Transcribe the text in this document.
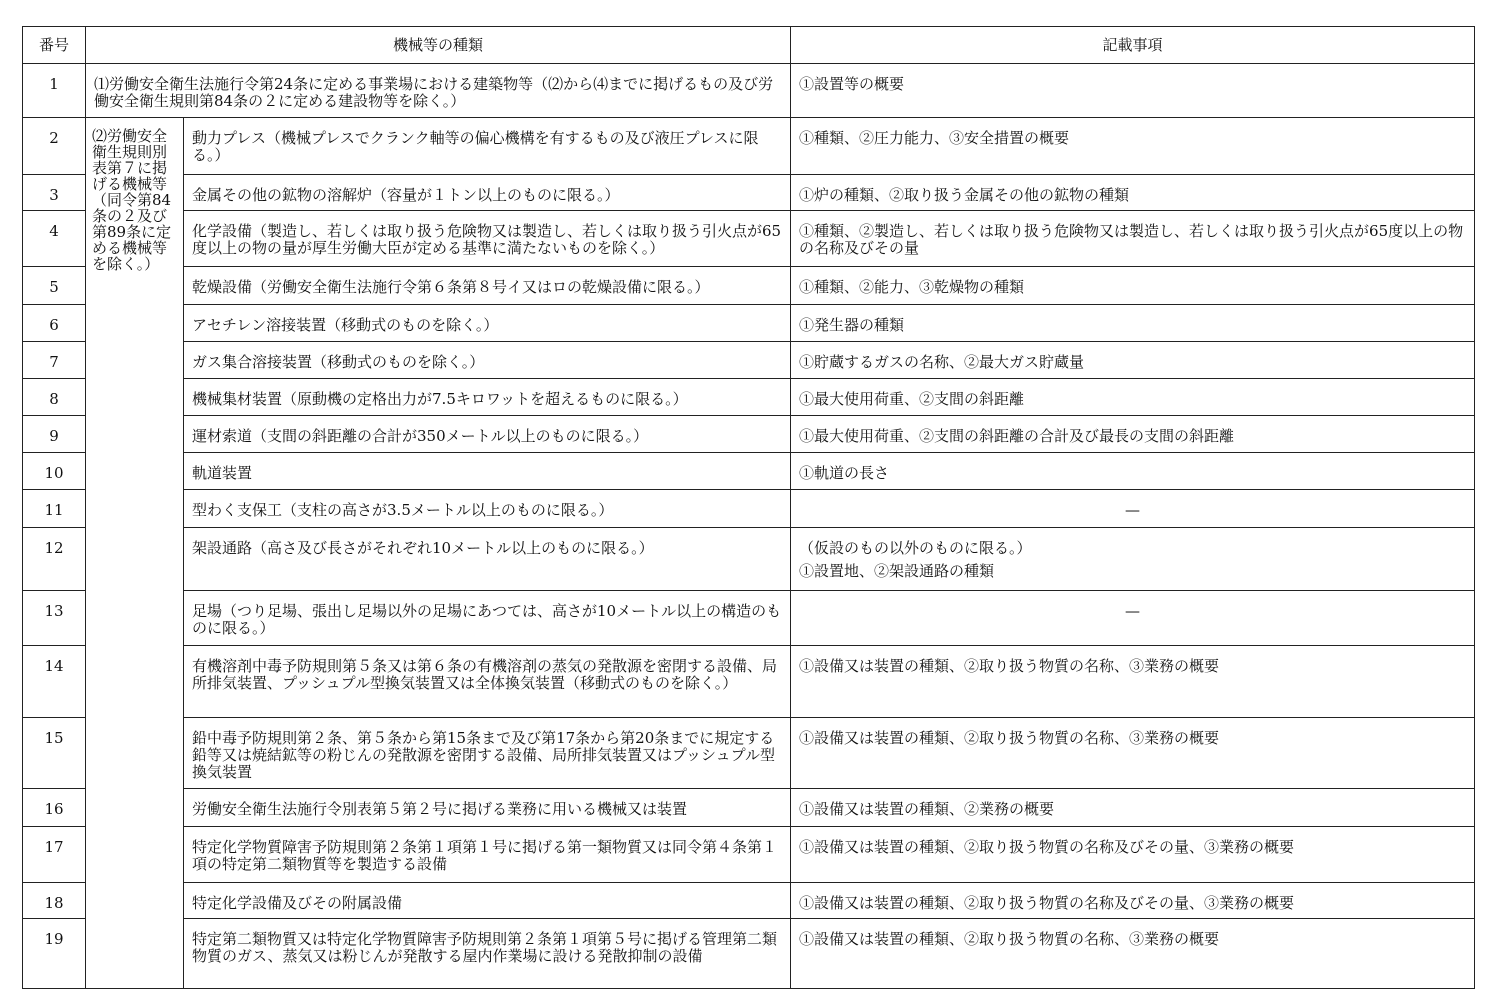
番号	機械等の種類		記載事項
1	⑴労働安全衛生法施行令第24条に定める事業場における建築物等（⑵から⑷までに掲げるもの及び労働安全衛生規則第84条の２に定める建設物等を除く。）		①設置等の概要
2	⑵労働安全衛生規則別表第７に掲げる機械等（同令第84条の２及び第89条に定める機械等を除く。）	動力プレス（機械プレスでクランク軸等の偏心機構を有するもの及び液圧プレスに限る。）	①種類、②圧力能力、③安全措置の概要
3		金属その他の鉱物の溶解炉（容量が１トン以上のものに限る。）	①炉の種類、②取り扱う金属その他の鉱物の種類
4		化学設備（製造し、若しくは取り扱う危険物又は製造し、若しくは取り扱う引火点が65度以上の物の量が厚生労働大臣が定める基準に満たないものを除く。）	①種類、②製造し、若しくは取り扱う危険物又は製造し、若しくは取り扱う引火点が65度以上の物の名称及びその量
5		乾燥設備（労働安全衛生法施行令第６条第８号イ又はロの乾燥設備に限る。）	①種類、②能力、③乾燥物の種類
6		アセチレン溶接装置（移動式のものを除く。）	①発生器の種類
7		ガス集合溶接装置（移動式のものを除く。）	①貯蔵するガスの名称、②最大ガス貯蔵量
8		機械集材装置（原動機の定格出力が7.5キロワットを超えるものに限る。）	①最大使用荷重、②支間の斜距離
9		運材索道（支間の斜距離の合計が350メートル以上のものに限る。）	①最大使用荷重、②支間の斜距離の合計及び最長の支間の斜距離
10		軌道装置	①軌道の長さ
11		型わく支保工（支柱の高さが3.5メートル以上のものに限る。）	—
12		架設通路（高さ及び長さがそれぞれ10メートル以上のものに限る。）	（仮設のもの以外のものに限る。）
①設置地、②架設通路の種類

13		足場（つり足場、張出し足場以外の足場にあつては、高さが10メートル以上の構造のものに限る。）	—
14		有機溶剤中毒予防規則第５条又は第６条の有機溶剤の蒸気の発散源を密閉する設備、局所排気装置、プッシュプル型換気装置又は全体換気装置（移動式のものを除く。）	①設備又は装置の種類、②取り扱う物質の名称、③業務の概要
15		鉛中毒予防規則第２条、第５条から第15条まで及び第17条から第20条までに規定する鉛等又は焼結鉱等の粉じんの発散源を密閉する設備、局所排気装置又はプッシュプル型換気装置	①設備又は装置の種類、②取り扱う物質の名称、③業務の概要
16		労働安全衛生法施行令別表第５第２号に掲げる業務に用いる機械又は装置	①設備又は装置の種類、②業務の概要
17		特定化学物質障害予防規則第２条第１項第１号に掲げる第一類物質又は同令第４条第１項の特定第二類物質等を製造する設備	①設備又は装置の種類、②取り扱う物質の名称及びその量、③業務の概要
18		特定化学設備及びその附属設備	①設備又は装置の種類、②取り扱う物質の名称及びその量、③業務の概要
19		特定第二類物質又は特定化学物質障害予防規則第２条第１項第５号に掲げる管理第二類物質のガス、蒸気又は粉じんが発散する屋内作業場に設ける発散抑制の設備	①設備又は装置の種類、②取り扱う物質の名称、③業務の概要
